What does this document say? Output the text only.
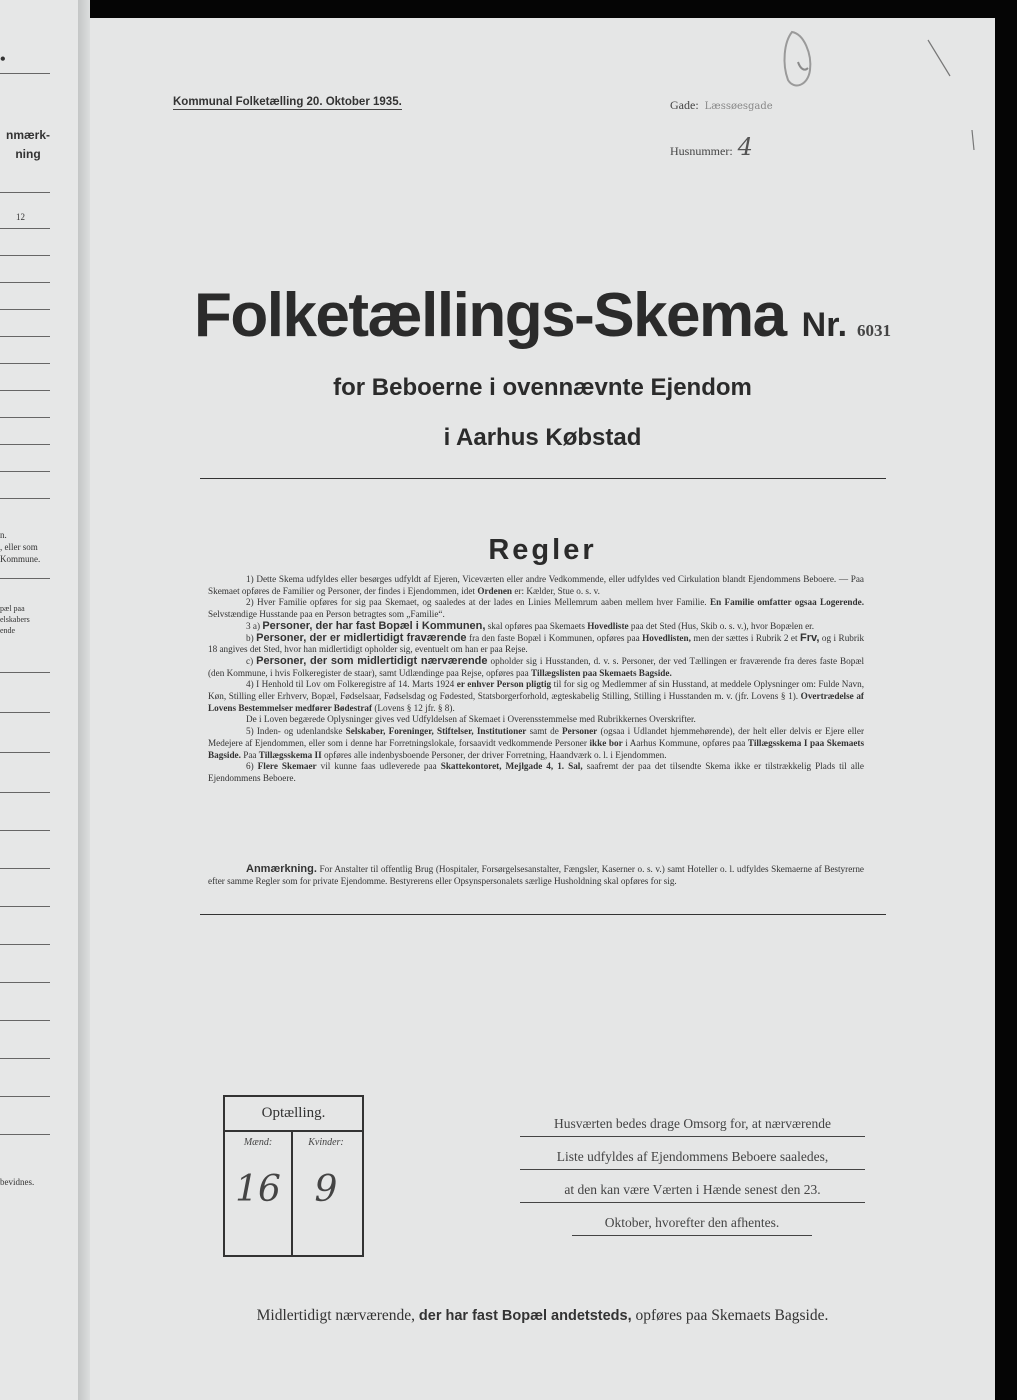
•
nmærk-
ning
12
n.
, eller som
Kommune.
pæl paa
elskabers
ende
bevidnes.
Kommunal Folketælling 20. Oktober 1935.	Gade: Læssøesgade
Husnummer: 4
Folketællings-Skema Nr. 6031
for Beboerne i ovennævnte Ejendom
i Aarhus Købstad
Regler

1) Dette Skema udfyldes eller besørges udfyldt af Ejeren, Viceværten eller andre Vedkommende, eller udfyldes ved Cirkulation blandt Ejendommens Beboere. — Paa Skemaet opføres de Familier og Personer, der findes i Ejendommen, idet Ordenen er: Kælder, Stue o. s. v.

2) Hver Familie opføres for sig paa Skemaet, og saaledes at der lades en Linies Mellemrum aaben mellem hver Familie. En Familie omfatter ogsaa Logerende. Selvstændige Husstande paa en Person betragtes som „Familie“.

3 a) Personer, der har fast Bopæl i Kommunen, skal opføres paa Skemaets Hovedliste paa det Sted (Hus, Skib o. s. v.), hvor Bopælen er.

b) Personer, der er midlertidigt fraværende fra den faste Bopæl i Kommunen, opføres paa Hovedlisten, men der sættes i Rubrik 2 et Frv, og i Rubrik 18 angives det Sted, hvor han midlertidigt opholder sig, eventuelt om han er paa Rejse.

c) Personer, der som midlertidigt nærværende opholder sig i Husstanden, d. v. s. Personer, der ved Tællingen er fraværende fra deres faste Bopæl (den Kommune, i hvis Folkeregister de staar), samt Udlændinge paa Rejse, opføres paa Tillægslisten paa Skemaets Bagside.

4) I Henhold til Lov om Folkeregistre af 14. Marts 1924 er enhver Person pligtig til for sig og Medlemmer af sin Husstand, at meddele Oplysninger om: Fulde Navn, Køn, Stilling eller Erhverv, Bopæl, Fødselsaar, Fødselsdag og Fødested, Statsborgerforhold, ægteskabelig Stilling, Stilling i Husstanden m. v. (jfr. Lovens § 1). Overtrædelse af Lovens Bestemmelser medfører Bødestraf (Lovens § 12 jfr. § 8).

De i Loven begærede Oplysninger gives ved Udfyldelsen af Skemaet i Overensstemmelse med Rubrikkernes Overskrifter.

5) Inden- og udenlandske Selskaber, Foreninger, Stiftelser, Institutioner samt de Personer (ogsaa i Udlandet hjemmehørende), der helt eller delvis er Ejere eller Medejere af Ejendommen, eller som i denne har Forretningslokale, forsaavidt vedkommende Personer ikke bor i Aarhus Kommune, opføres paa Tillægsskema I paa Skemaets Bagside. Paa Tillægsskema II opføres alle indenbysboende Personer, der driver Forretning, Haandværk o. l. i Ejendommen.

6) Flere Skemaer vil kunne faas udleverede paa Skattekontoret, Mejlgade 4, 1. Sal, saafremt der paa det tilsendte Skema ikke er tilstrækkelig Plads til alle Ejendommens Beboere.

Anmærkning. For Anstalter til offentlig Brug (Hospitaler, Forsørgelsesanstalter, Fængsler, Kaserner o. s. v.) samt Hoteller o. l. udfyldes Skemaerne af Bestyrerne efter samme Regler som for private Ejendomme. Bestyrerens eller Opsynspersonalets særlige Husholdning skal opføres for sig.

Optælling.
Mænd:	Kvinder:
16 9
Husværten bedes drage Omsorg for, at nærværende
Liste udfyldes af Ejendommens Beboere saaledes,
at den kan være Værten i Hænde senest den 23.
Oktober, hvorefter den afhentes.
Midlertidigt nærværende, der har fast Bopæl andetsteds, opføres paa Skemaets Bagside.
